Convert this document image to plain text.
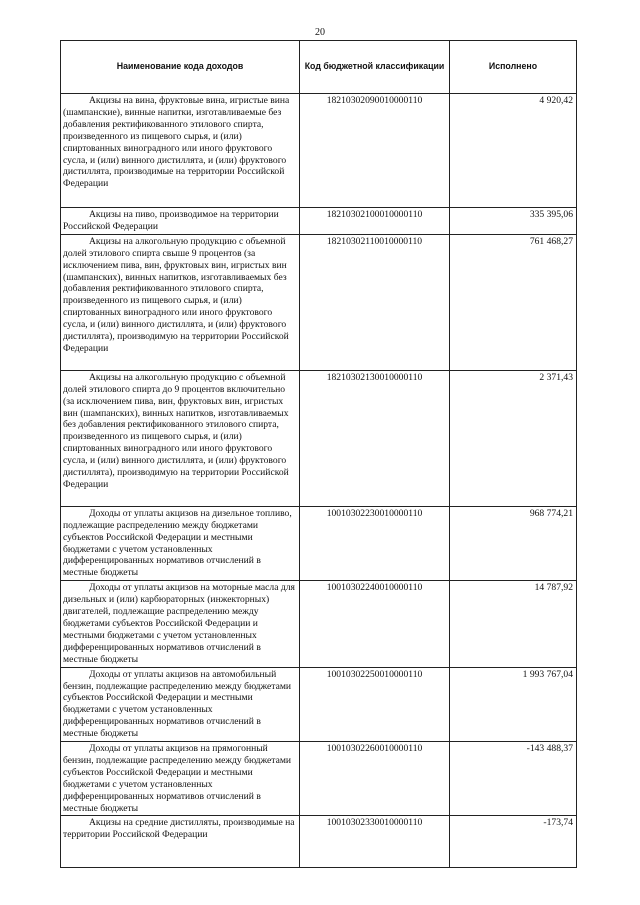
20
Наименование кода доходов	Код бюджетной классификации	Исполнено
Акцизы на вина, фруктовые вина, игристые вина (шампанские), винные напитки, изготавливаемые без добавления ректификованного этилового спирта, произведенного из пищевого сырья, и (или) спиртованных виноградного или иного фруктового сусла, и (или) винного дистиллята, и (или) фруктового дистиллята, производимые на территории Российской Федерации	18210302090010000110	4 920,42
Акцизы на пиво, производимое на территории Российской Федерации	18210302100010000110	335 395,06
Акцизы на алкогольную продукцию с объемной долей этилового спирта свыше 9 процентов (за исключением пива, вин, фруктовых вин, игристых вин (шампанских), винных напитков, изготавливаемых без добавления ректификованного этилового спирта, произведенного из пищевого сырья, и (или) спиртованных виноградного или иного фруктового сусла, и (или) винного дистиллята, и (или) фруктового дистиллята), производимую на территории Российской Федерации	18210302110010000110	761 468,27
Акцизы на алкогольную продукцию с объемной долей этилового спирта до 9 процентов включительно (за исключением пива, вин, фруктовых вин, игристых вин (шампанских), винных напитков, изготавливаемых без добавления ректификованного этилового спирта, произведенного из пищевого сырья, и (или) спиртованных виноградного или иного фруктового сусла, и (или) винного дистиллята, и (или) фруктового дистиллята), производимую на территории Российской Федерации	18210302130010000110	2 371,43
Доходы от уплаты акцизов на дизельное топливо, подлежащие распределению между бюджетами субъектов Российской Федерации и местными бюджетами с учетом установленных дифференцированных нормативов отчислений в местные бюджеты	10010302230010000110	968 774,21
Доходы от уплаты акцизов на моторные масла для дизельных и (или) карбюраторных (инжекторных) двигателей, подлежащие распределению между бюджетами субъектов Российской Федерации и местными бюджетами с учетом установленных дифференцированных нормативов отчислений в местные бюджеты	10010302240010000110	14 787,92
Доходы от уплаты акцизов на автомобильный бензин, подлежащие распределению между бюджетами субъектов Российской Федерации и местными бюджетами с учетом установленных дифференцированных нормативов отчислений в местные бюджеты	10010302250010000110	1 993 767,04
Доходы от уплаты акцизов на прямогонный бензин, подлежащие распределению между бюджетами субъектов Российской Федерации и местными бюджетами с учетом установленных дифференцированных нормативов отчислений в местные бюджеты	10010302260010000110	-143 488,37
Акцизы на средние дистилляты, производимые на территории Российской Федерации	10010302330010000110	-173,74
